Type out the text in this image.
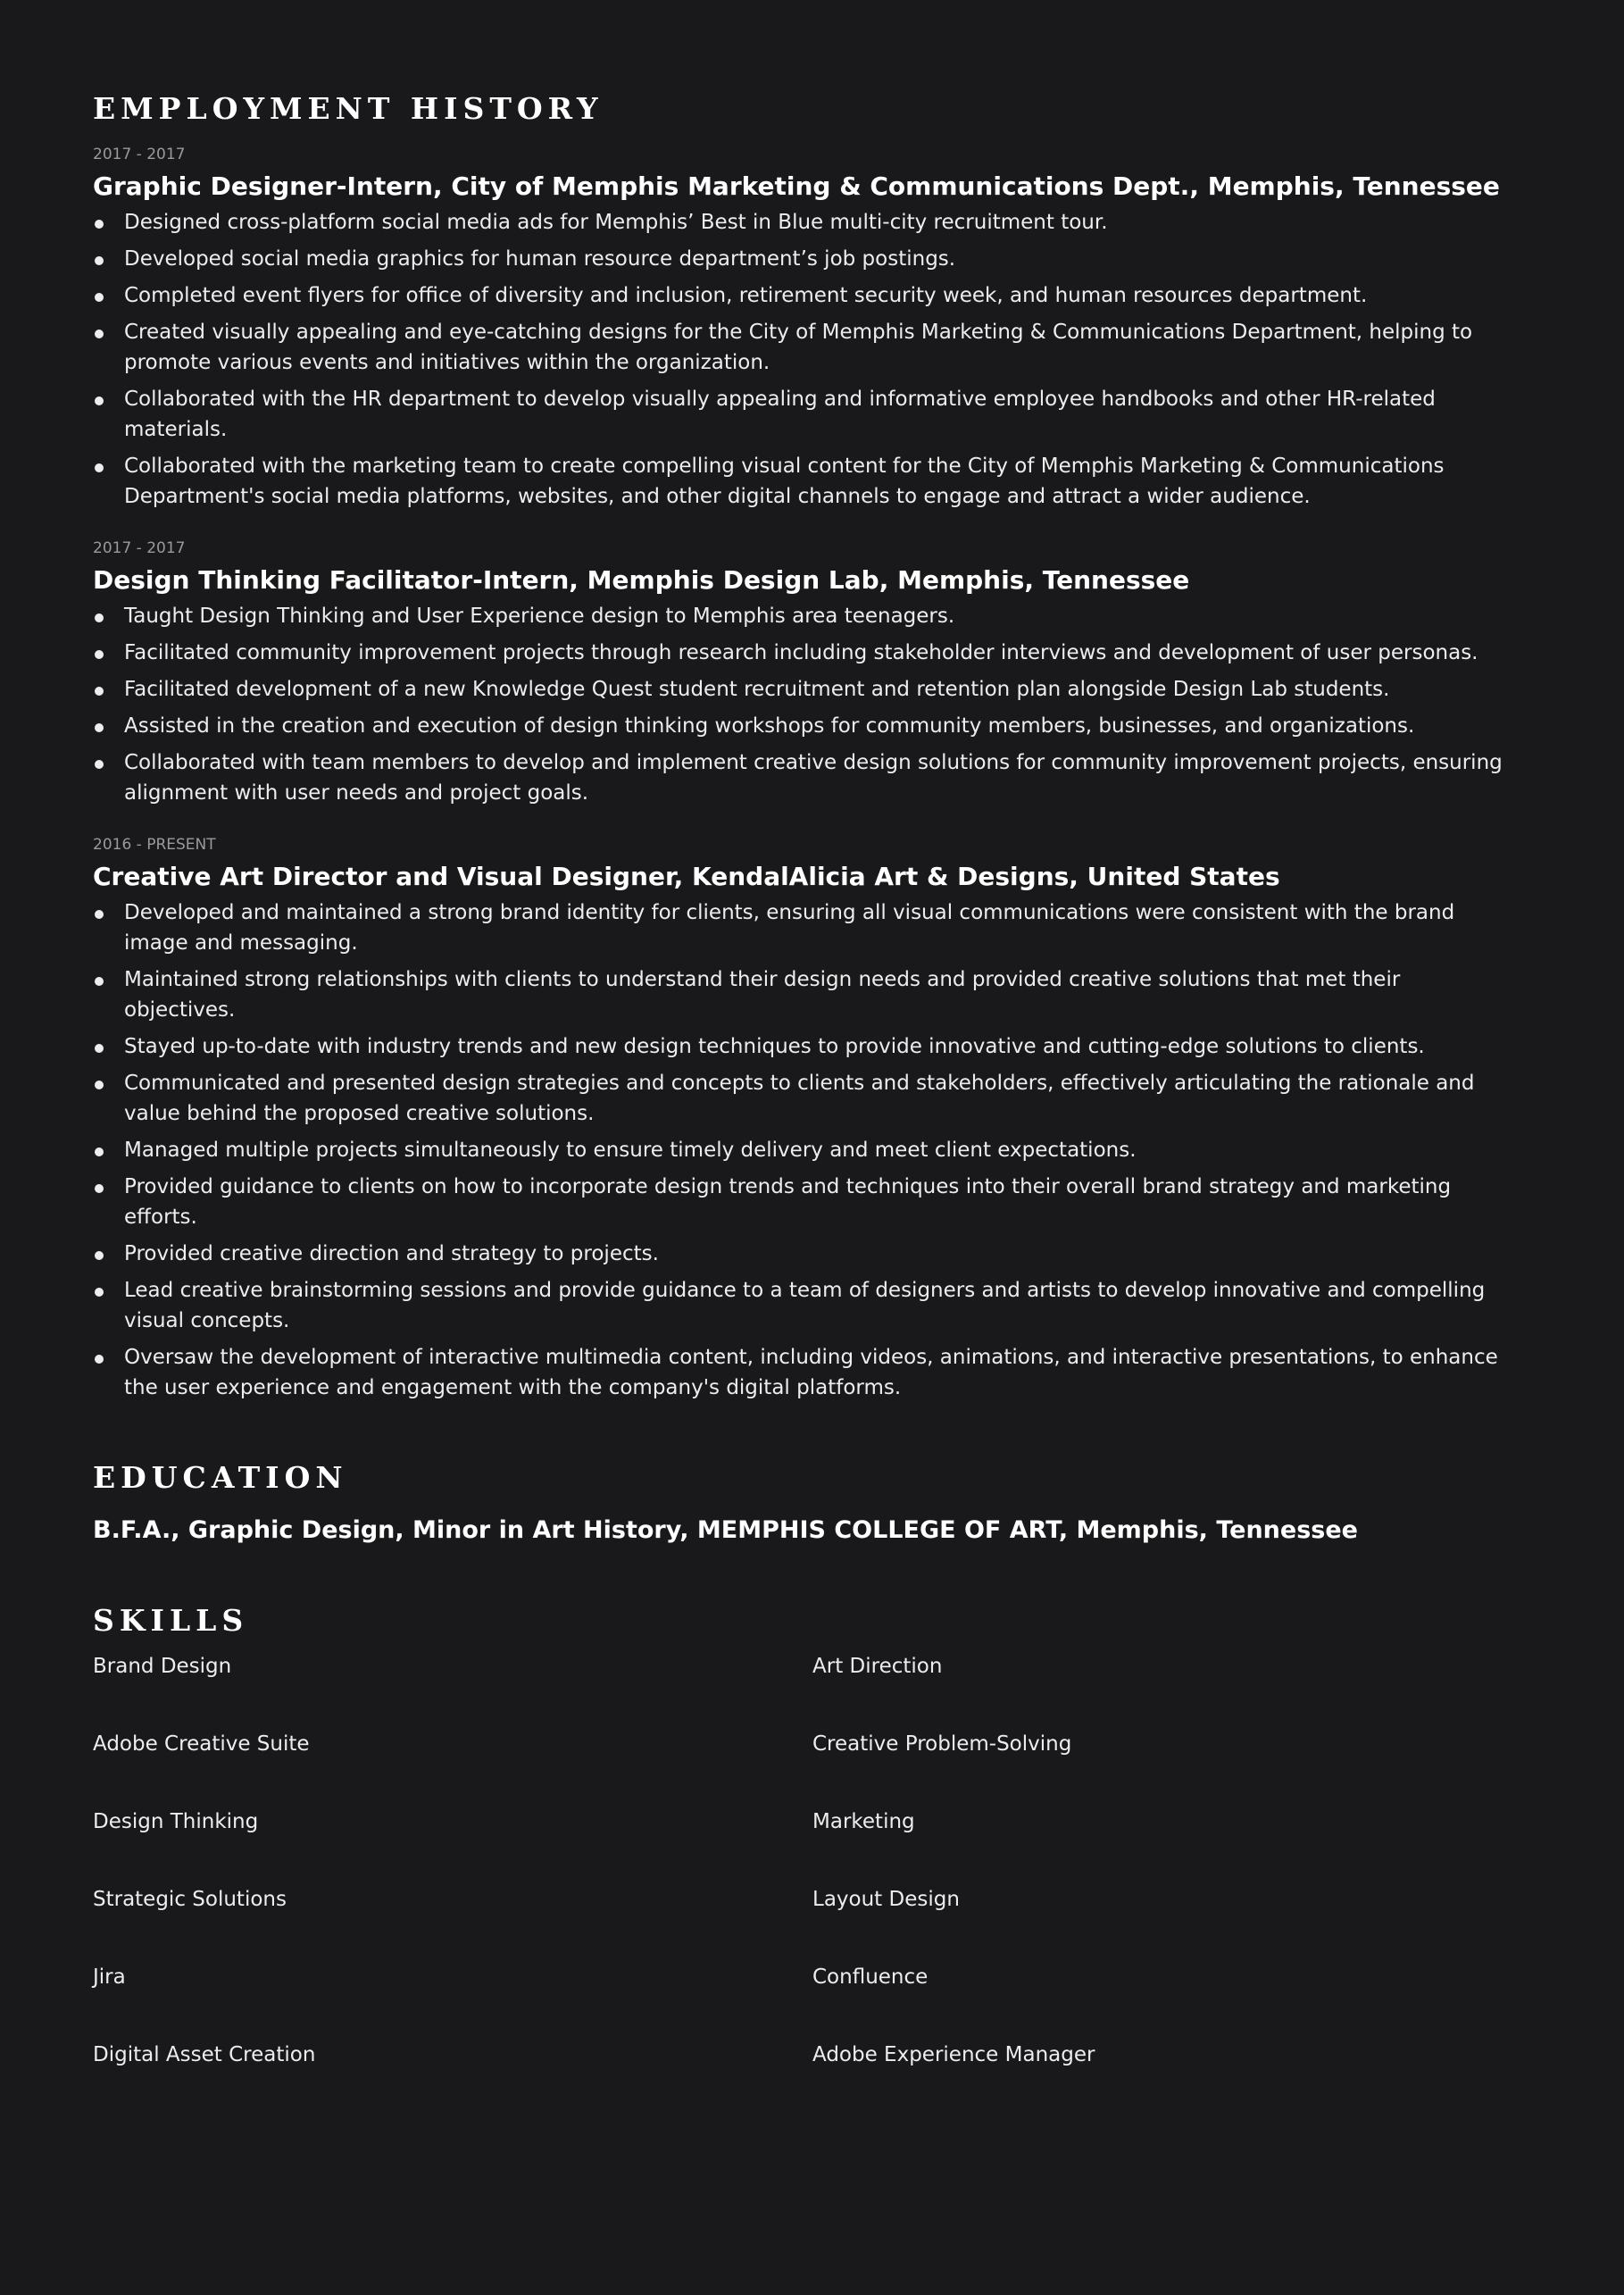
EMPLOYMENT HISTORY
2017 - 2017
Graphic Designer-Intern, City of Memphis Marketing & Communications Dept., Memphis, Tennessee
Designed cross-platform social media ads for Memphis’ Best in Blue multi-city recruitment tour.
Developed social media graphics for human resource department’s job postings.
Completed event flyers for office of diversity and inclusion, retirement security week, and human resources department.
Created visually appealing and eye-catching designs for the City of Memphis Marketing & Communications Department, helping to promote various events and initiatives within the organization.
Collaborated with the HR department to develop visually appealing and informative employee handbooks and other HR-related materials.
Collaborated with the marketing team to create compelling visual content for the City of Memphis Marketing & Communications Department's social media platforms, websites, and other digital channels to engage and attract a wider audience.
2017 - 2017
Design Thinking Facilitator-Intern, Memphis Design Lab, Memphis, Tennessee
Taught Design Thinking and User Experience design to Memphis area teenagers.
Facilitated community improvement projects through research including stakeholder interviews and development of user personas.
Facilitated development of a new Knowledge Quest student recruitment and retention plan alongside Design Lab students.
Assisted in the creation and execution of design thinking workshops for community members, businesses, and organizations.
Collaborated with team members to develop and implement creative design solutions for community improvement projects, ensuring alignment with user needs and project goals.
2016 - PRESENT
Creative Art Director and Visual Designer, KendalAlicia Art & Designs, United States
Developed and maintained a strong brand identity for clients, ensuring all visual communications were consistent with the brand image and messaging.
Maintained strong relationships with clients to understand their design needs and provided creative solutions that met their objectives.
Stayed up-to-date with industry trends and new design techniques to provide innovative and cutting-edge solutions to clients.
Communicated and presented design strategies and concepts to clients and stakeholders, effectively articulating the rationale and value behind the proposed creative solutions.
Managed multiple projects simultaneously to ensure timely delivery and meet client expectations.
Provided guidance to clients on how to incorporate design trends and techniques into their overall brand strategy and marketing efforts.
Provided creative direction and strategy to projects.
Lead creative brainstorming sessions and provide guidance to a team of designers and artists to develop innovative and compelling visual concepts.
Oversaw the development of interactive multimedia content, including videos, animations, and interactive presentations, to enhance the user experience and engagement with the company's digital platforms.
EDUCATION
B.F.A., Graphic Design, Minor in Art History, MEMPHIS COLLEGE OF ART, Memphis, Tennessee
SKILLS
Brand Design	Art Direction
Adobe Creative Suite	Creative Problem-Solving
Design Thinking	Marketing
Strategic Solutions	Layout Design
Jira	Confluence
Digital Asset Creation	Adobe Experience Manager
